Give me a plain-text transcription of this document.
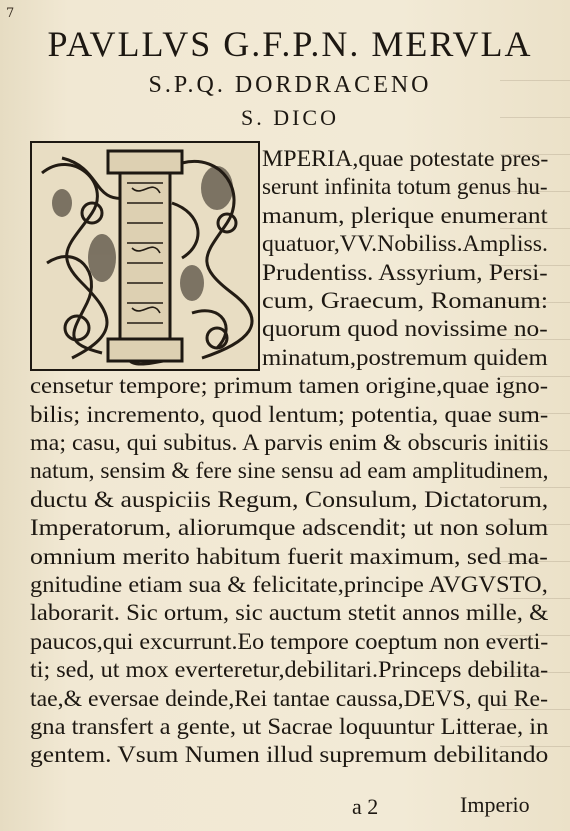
7
PAVLLVS G.F.P.N. MERVLA
S.P.Q. DORDRACENO
S. DICO
MPERIA,quae potestate pres-
serunt infinita totum genus hu-
manum, plerique enumerant
quatuor,VV.Nobiliss.Ampliss.
Prudentiss. Assyrium, Persi-
cum, Graecum, Romanum:
quorum quod novissime no-
minatum,postremum quidem
censetur tempore; primum tamen origine,quae igno-
bilis; incremento, quod lentum; potentia, quae sum-
ma; casu, qui subitus. A parvis enim & obscuris initiis
natum, sensim & fere sine sensu ad eam amplitudinem,
ductu & auspiciis Regum, Consulum, Dictatorum,
Imperatorum, aliorumque adscendit; ut non solum
omnium merito habitum fuerit maximum, sed ma-
gnitudine etiam sua & felicitate,principe AVGVSTO,
laborarit. Sic ortum, sic auctum stetit annos mille, &
paucos,qui excurrunt.Eo tempore coeptum non everti-
ti; sed, ut mox everteretur,debilitari.Princeps debilita-
tae,& eversae deinde,Rei tantae caussa,DEVS, qui Re-
gna transfert a gente, ut Sacrae loquuntur Litterae, in
gentem. Vsum Numen illud supremum debilitando
a 2	Imperio
